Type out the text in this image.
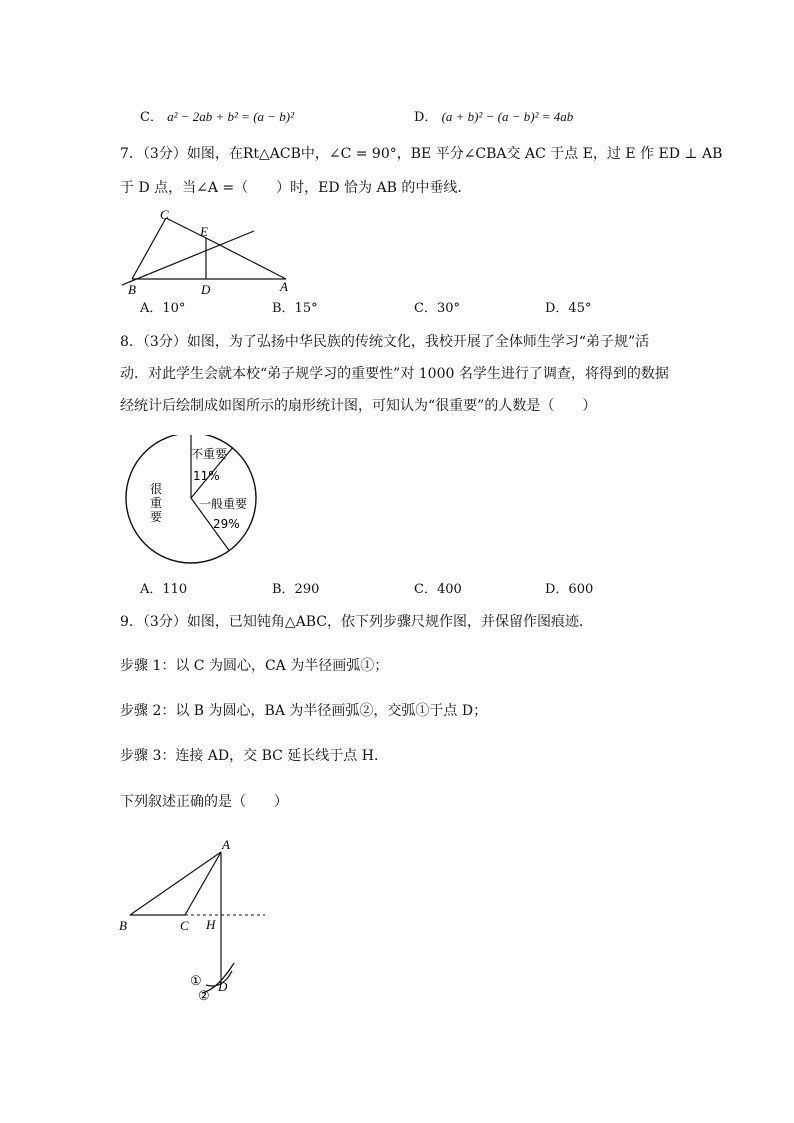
C． a² − 2ab + b² = (a − b)²	D． (a + b)² − (a − b)² = 4ab
7．（3分）如图，在Rt△ACB中，∠C = 90°，BE 平分∠CBA交 AC 于点 E，过 E 作 ED ⊥ AB
于 D 点，当∠A =（　　）时，ED 恰为 AB 的中垂线．
C
E
B	D	A
A．10°	B．15°	C．30°	D．45°
8．（3分）如图，为了弘扬中华民族的传统文化，我校开展了全体师生学习“弟子规”活
动．对此学生会就本校“弟子规学习的重要性”对 1000 名学生进行了调查，将得到的数据
经统计后绘制成如图所示的扇形统计图，可知认为“很重要”的人数是（　　）
不重要
11%
一般重要
29%
很
重
要
A．110	B．290	C．400	D．600
9．（3分）如图，已知钝角△ABC，依下列步骤尺规作图，并保留作图痕迹．
步骤 1：以 C 为圆心，CA 为半径画弧①；
步骤 2：以 B 为圆心，BA 为半径画弧②，交弧①于点 D；
步骤 3：连接 AD，交 BC 延长线于点 H．
下列叙述正确的是（　　）
A
B	C H
D
①
②
